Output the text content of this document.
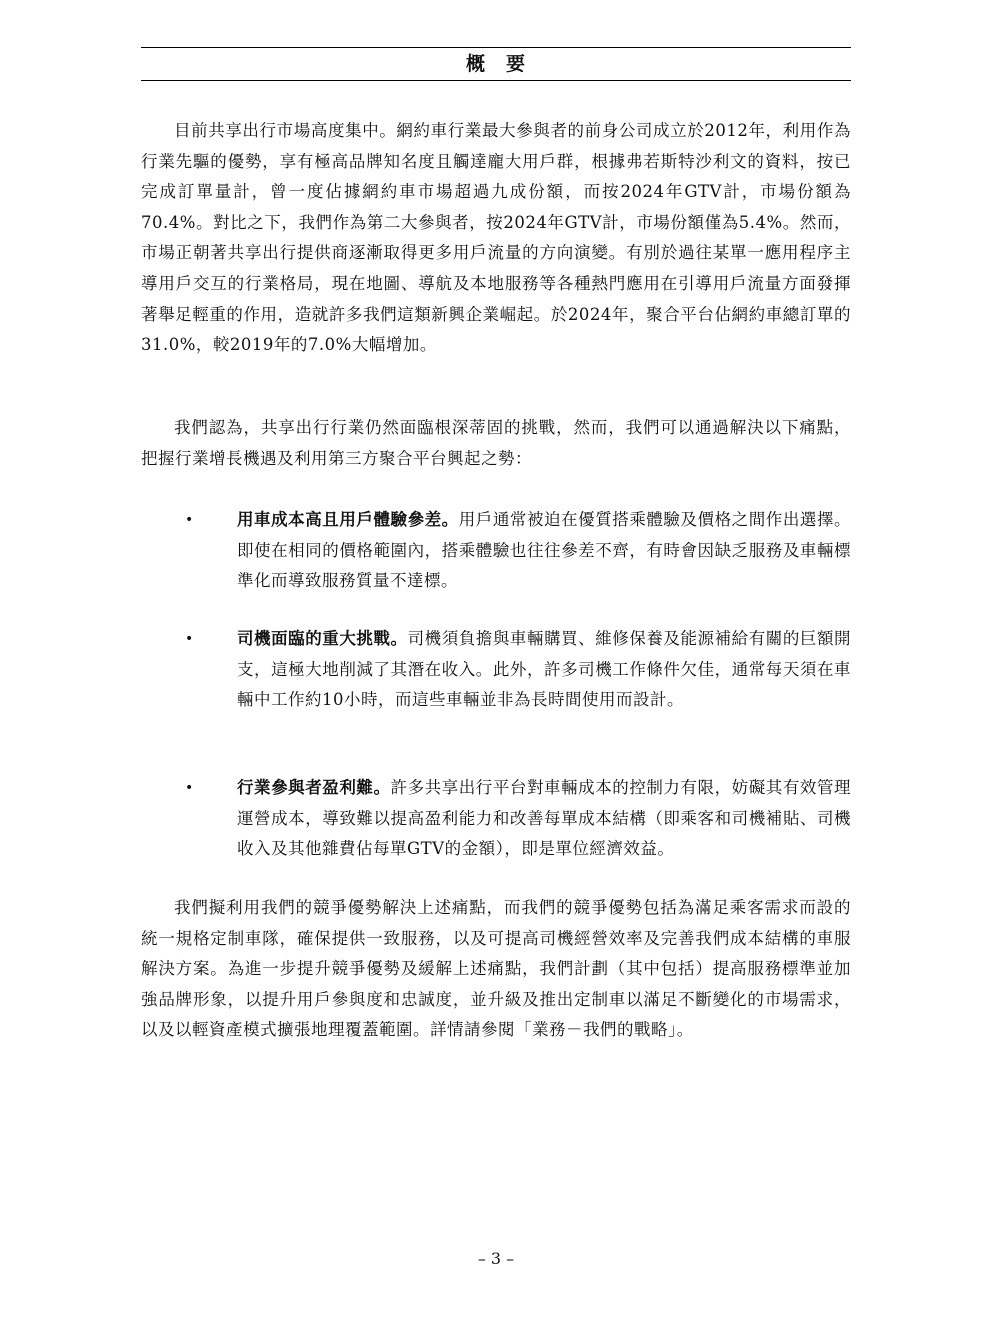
概　要

目前共享出行市場高度集中。網約車行業最大參與者的前身公司成立於2012年，利用作為行業先驅的優勢，享有極高品牌知名度且觸達龐大用戶群，根據弗若斯特沙利文的資料，按已完成訂單量計，曾一度佔據網約車市場超過九成份額，而按2024年GTV計，市場份額為70.4%。對比之下，我們作為第二大參與者，按2024年GTV計，市場份額僅為5.4%。然而，市場正朝著共享出行提供商逐漸取得更多用戶流量的方向演變。有別於過往某單一應用程序主導用戶交互的行業格局，現在地圖、導航及本地服務等各種熱門應用在引導用戶流量方面發揮著舉足輕重的作用，造就許多我們這類新興企業崛起。於2024年，聚合平台佔網約車總訂單的31.0%，較2019年的7.0%大幅增加。

我們認為，共享出行行業仍然面臨根深蒂固的挑戰，然而，我們可以通過解決以下痛點，把握行業增長機遇及利用第三方聚合平台興起之勢：

•	用車成本高且用戶體驗參差。用戶通常被迫在優質搭乘體驗及價格之間作出選擇。即使在相同的價格範圍內，搭乘體驗也往往參差不齊，有時會因缺乏服務及車輛標準化而導致服務質量不達標。
•	司機面臨的重大挑戰。司機須負擔與車輛購買、維修保養及能源補給有關的巨額開支，這極大地削減了其潛在收入。此外，許多司機工作條件欠佳，通常每天須在車輛中工作約10小時，而這些車輛並非為長時間使用而設計。
•	行業參與者盈利難。許多共享出行平台對車輛成本的控制力有限，妨礙其有效管理運營成本，導致難以提高盈利能力和改善每單成本結構（即乘客和司機補貼、司機收入及其他雜費佔每單GTV的金額），即是單位經濟效益。

我們擬利用我們的競爭優勢解決上述痛點，而我們的競爭優勢包括為滿足乘客需求而設的統一規格定制車隊，確保提供一致服務，以及可提高司機經營效率及完善我們成本結構的車服解決方案。為進一步提升競爭優勢及緩解上述痛點，我們計劃（其中包括）提高服務標準並加強品牌形象，以提升用戶參與度和忠誠度，並升級及推出定制車以滿足不斷變化的市場需求，以及以輕資產模式擴張地理覆蓋範圍。詳情請參閱「業務－我們的戰略」。

– 3 –
